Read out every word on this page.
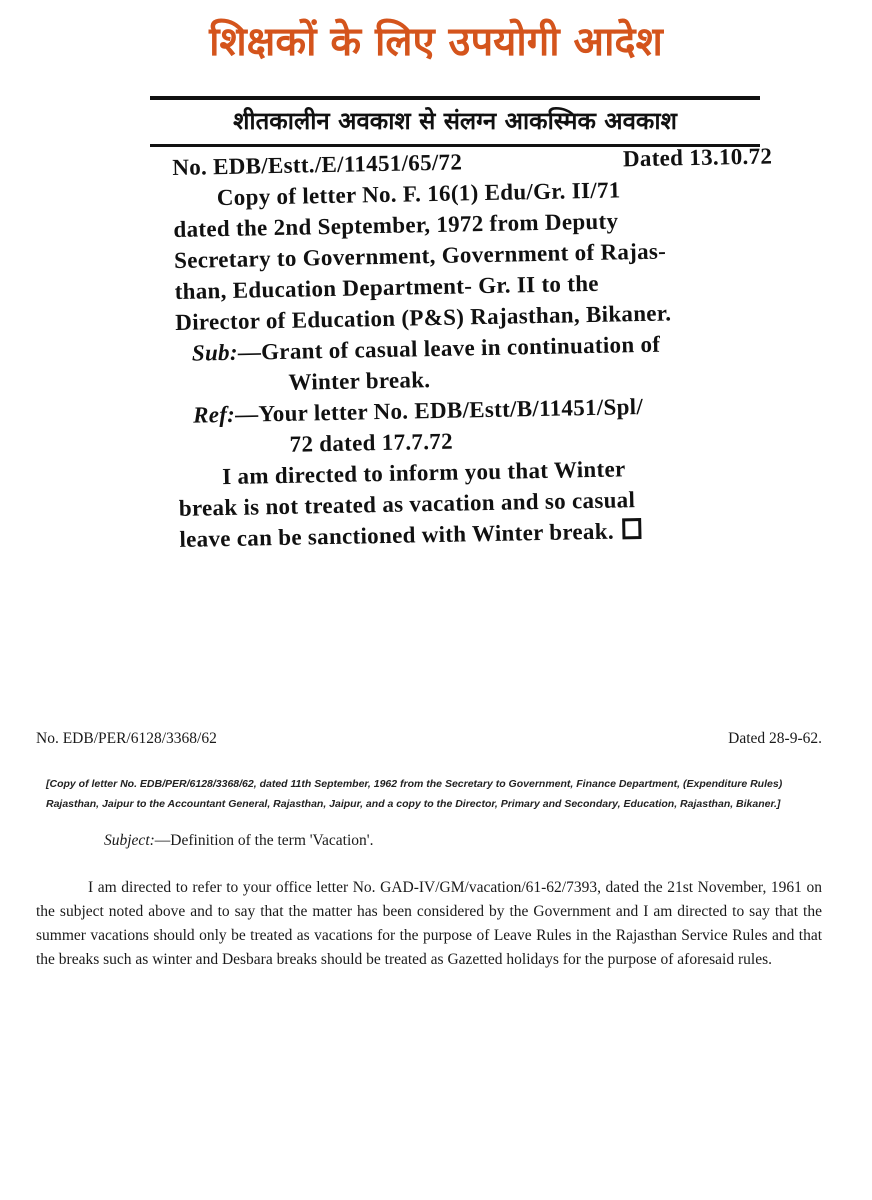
शिक्षकों के लिए उपयोगी आदेश
शीतकालीन अवकाश से संलग्न आकस्मिक अवकाश
No. EDB/Estt./E/11451/65/72	Dated 13.10.72
Copy of letter No. F. 16(1) Edu/Gr. II/71
dated the 2nd September, 1972 from Deputy
Secretary to Government, Government of Rajas-
than, Education Department- Gr. II to the
Director of Education (P&S) Rajasthan, Bikaner.
Sub:—Grant of casual leave in continuation of
Winter break.
Ref:—Your letter No. EDB/Estt/B/11451/Spl/
72 dated 17.7.72
I am directed to inform you that Winter
break is not treated as vacation and so casual
leave can be sanctioned with Winter break.
No. EDB/PER/6128/3368/62	Dated 28-9-62.
[Copy of letter No. EDB/PER/6128/3368/62, dated 11th September, 1962 from the Secretary to Government, Finance Department, (Expenditure Rules) Rajasthan, Jaipur to the Accountant General, Rajasthan, Jaipur, and a copy to the Director, Primary and Secondary, Education, Rajasthan, Bikaner.]
Subject:—Definition of the term 'Vacation'.
I am directed to refer to your office letter No. GAD-IV/GM/vacation/61-62/7393, dated the 21st November, 1961 on the subject noted above and to say that the matter has been considered by the Government and I am directed to say that the summer vacations should only be treated as vacations for the purpose of Leave Rules in the Rajasthan Service Rules and that the breaks such as winter and Desbara breaks should be treated as Gazetted holidays for the purpose of aforesaid rules.
